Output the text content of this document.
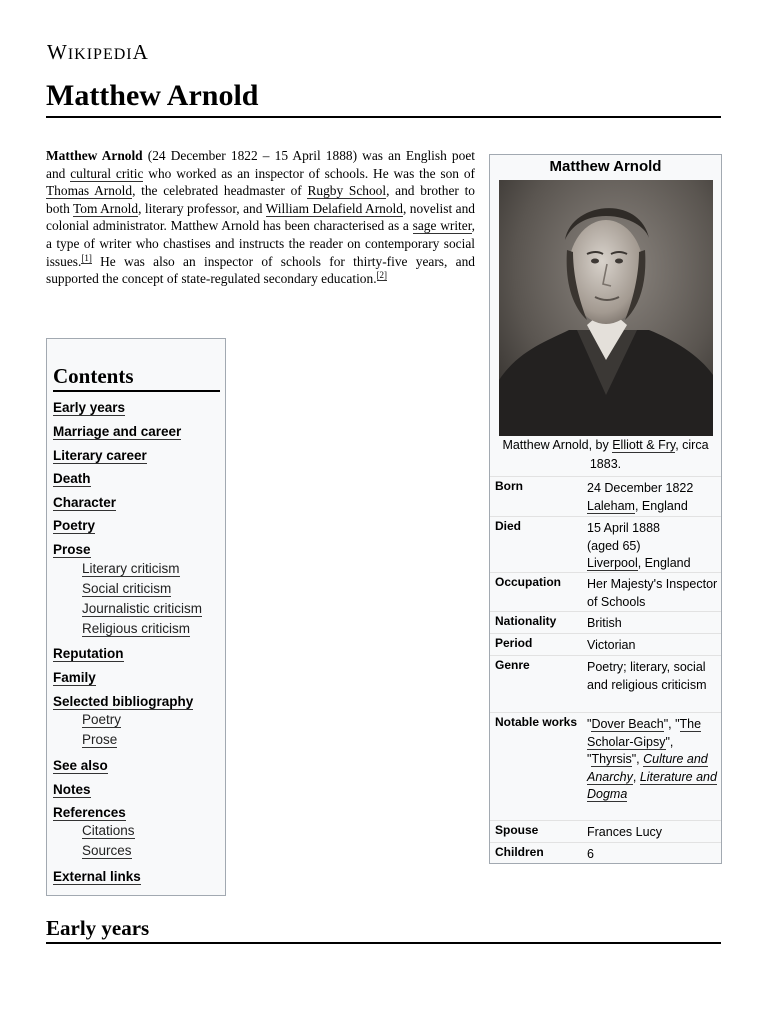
WIKIPEDIA
Matthew Arnold

Matthew Arnold (24 December 1822 – 15 April 1888) was an English poet and cultural critic who worked as an inspector of schools. He was the son of Thomas Arnold, the celebrated headmaster of Rugby School, and brother to both Tom Arnold, literary professor, and William Delafield Arnold, novelist and colonial administrator. Matthew Arnold has been characterised as a sage writer, a type of writer who chastises and instructs the reader on contemporary social issues.[1] He was also an inspector of schools for thirty-five years, and supported the concept of state-regulated secondary education.[2]

Contents
Early years
Marriage and career
Literary career
Death
Character
Poetry
Prose
Literary criticism
Social criticism
Journalistic criticism
Religious criticism
Reputation
Family
Selected bibliography
Poetry
Prose
See also
Notes
References
Citations
Sources
External links
Matthew Arnold
Matthew Arnold, by Elliott & Fry, circa 1883.
Born	24 December 1822
Laleham, England
Died	15 April 1888
(aged 65)
Liverpool, England
Occupation	Her Majesty's Inspector of Schools
Nationality	British
Period	Victorian
Genre	Poetry; literary, social and religious criticism
Notable works "Dover Beach", "The Scholar-Gipsy", "Thyrsis", Culture and Anarchy, Literature and Dogma
Spouse	Frances Lucy
Children	6
Early years
